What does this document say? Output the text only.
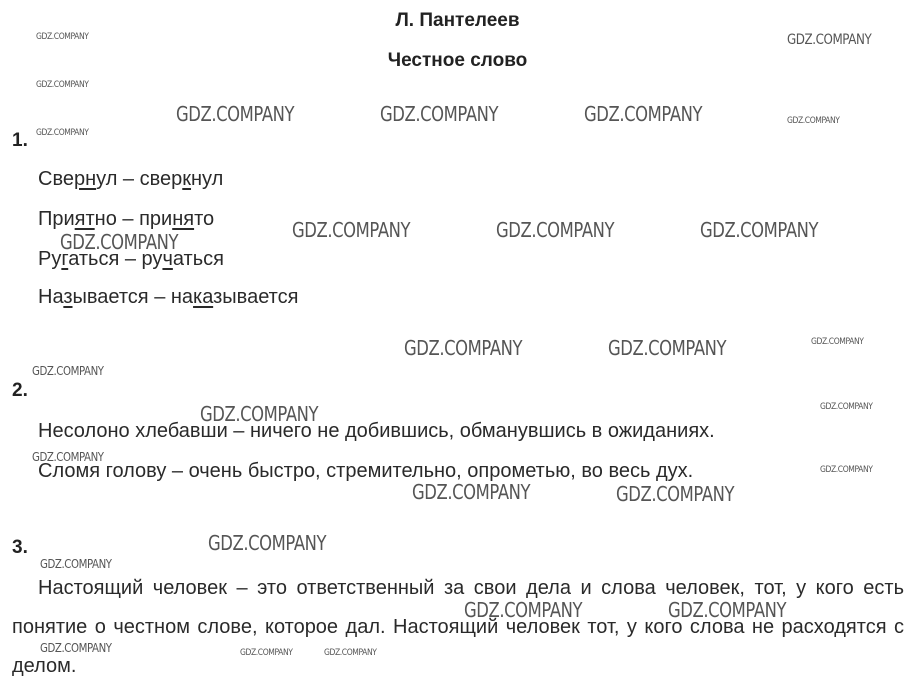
Л. Пантелеев
Честное слово
1.
Свернул – сверкнул
Приятно – принято
Ругаться – ручаться
Называется – наказывается
2.
Несолоно хлебавши – ничего не добившись, обманувшись в ожиданиях.
Сломя голову – очень быстро, стремительно, опрометью, во весь дух.
3.
Настоящий человек – это ответственный за свои дела и слова человек, тот, у кого есть понятие о честном слове, которое дал. Настоящий человек тот, у кого слова не расходятся с делом.
GDZ.COMPANY	GDZ.COMPANY
GDZ.COMPANY
GDZ.COMPANY	GDZ.COMPANY	GDZ.COMPANY	GDZ.COMPANY
GDZ.COMPANY
GDZ.COMPANY	GDZ.COMPANY	GDZ.COMPANY
GDZ.COMPANY
GDZ.COMPANY	GDZ.COMPANY	GDZ.COMPANY
GDZ.COMPANY
GDZ.COMPANY	GDZ.COMPANY
GDZ.COMPANY
GDZ.COMPANY
GDZ.COMPANY	GDZ.COMPANY
GDZ.COMPANY
GDZ.COMPANY
GDZ.COMPANY	GDZ.COMPANY
GDZ.COMPANY	GDZ.COMPANY	GDZ.COMPANY
